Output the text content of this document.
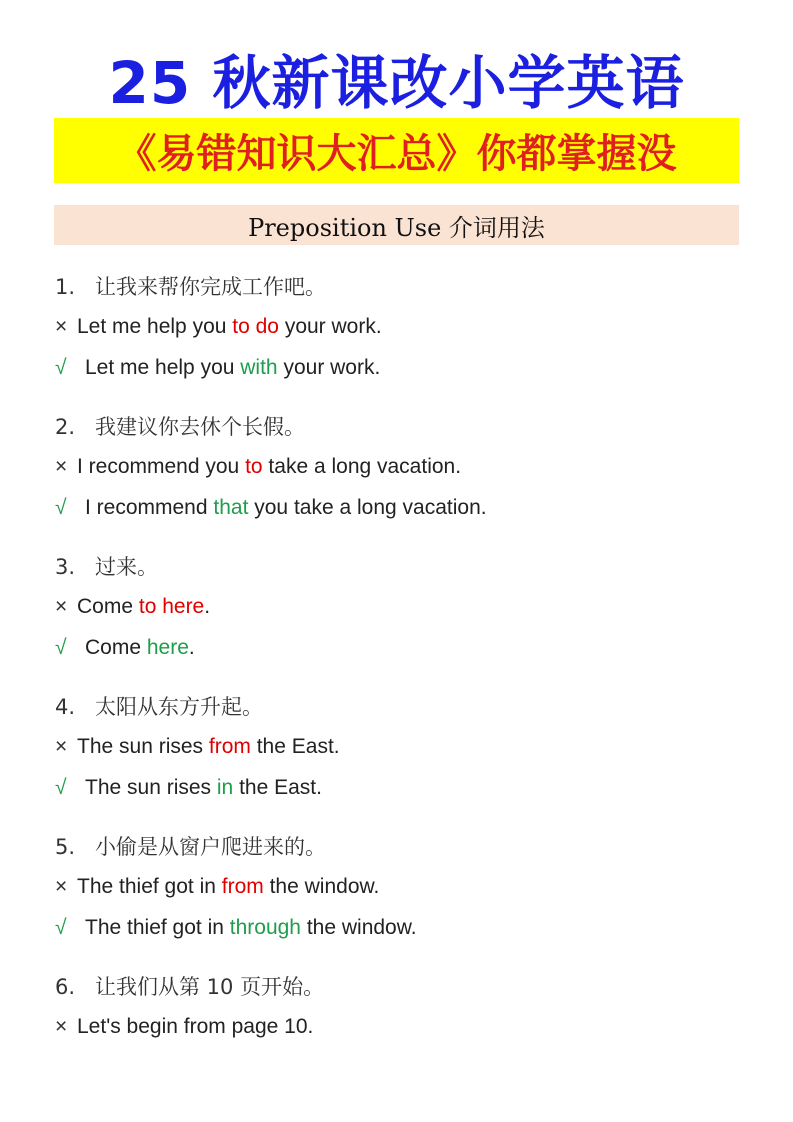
25 秋新课改小学英语
《易错知识大汇总》你都掌握没
Preposition Use 介词用法
1. 让我来帮你完成工作吧。
× Let me help you to do your work.
√ Let me help you with your work.
2. 我建议你去休个长假。
× I recommend you to take a long vacation.
√ I recommend that you take a long vacation.
3. 过来。
× Come to here.
√ Come here.
4. 太阳从东方升起。
× The sun rises from the East.
√ The sun rises in the East.
5. 小偷是从窗户爬进来的。
× The thief got in from the window.
√ The thief got in through the window.
6. 让我们从第 10 页开始。
× Let's begin from page 10.
